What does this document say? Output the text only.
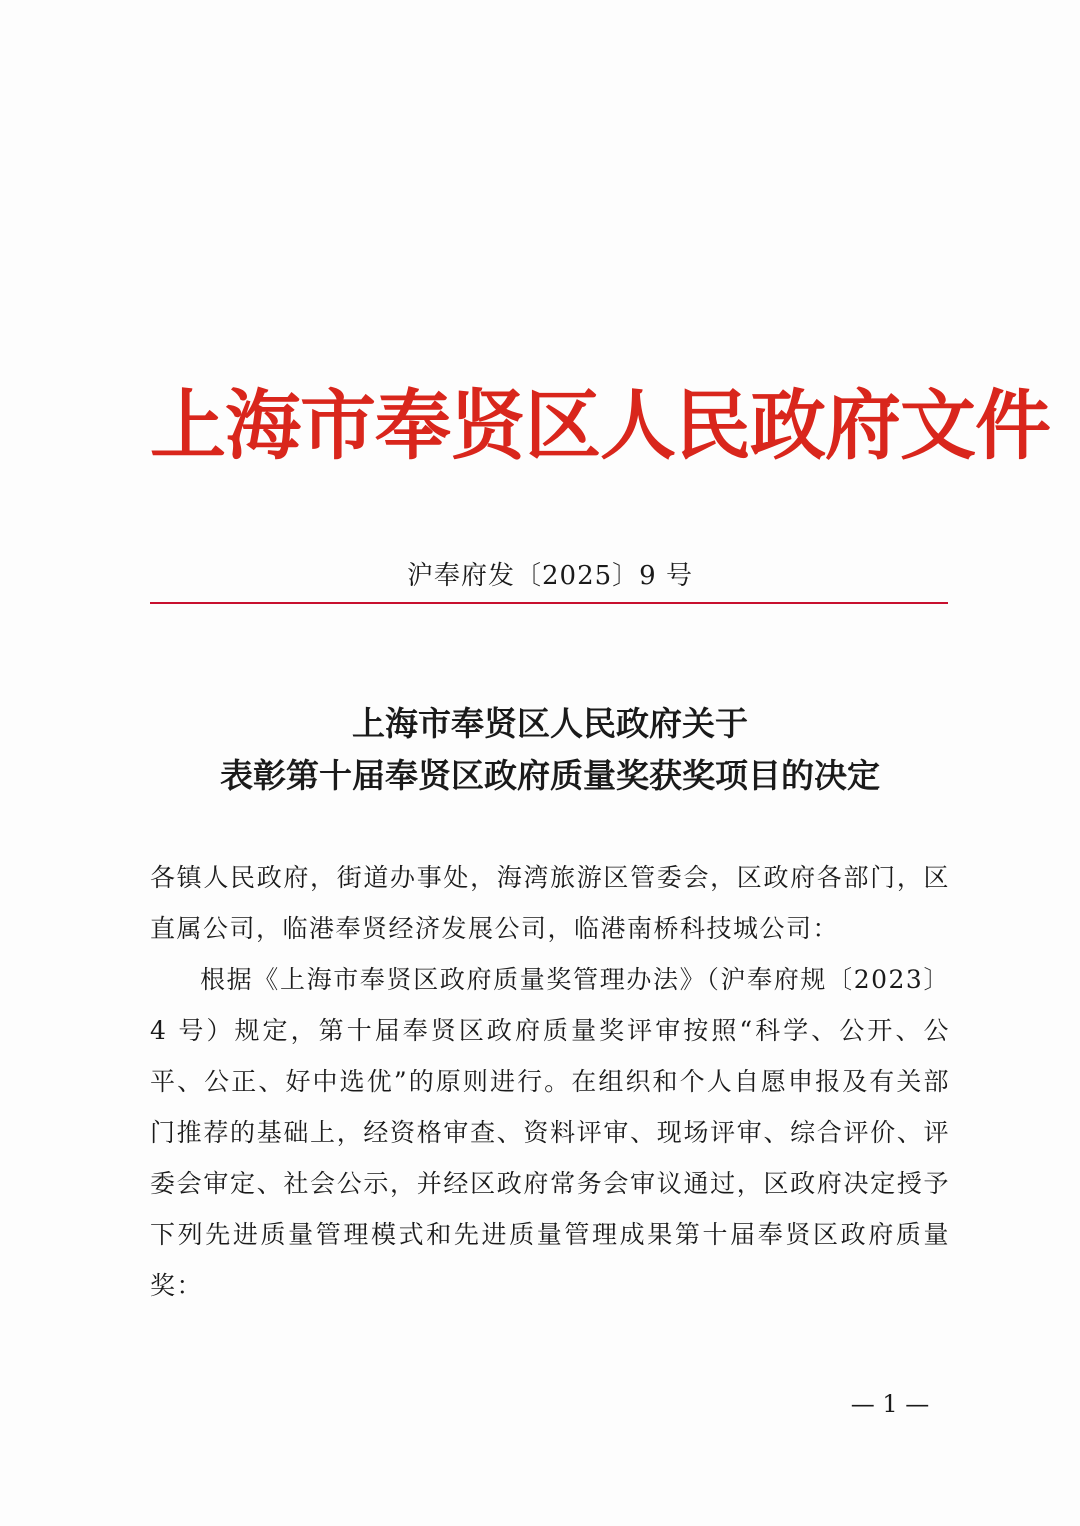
上海市奉贤区人民政府文件
沪奉府发〔2025〕9 号
上海市奉贤区人民政府关于
表彰第十届奉贤区政府质量奖获奖项目的决定

各镇人民政府，街道办事处，海湾旅游区管委会，区政府各部门，区直属公司，临港奉贤经济发展公司，临港南桥科技城公司：

根据《上海市奉贤区政府质量奖管理办法》（沪奉府规〔2023〕4 号）规定，第十届奉贤区政府质量奖评审按照“科学、公开、公平、公正、好中选优”的原则进行。在组织和个人自愿申报及有关部门推荐的基础上，经资格审查、资料评审、现场评审、综合评价、评委会审定、社会公示，并经区政府常务会审议通过，区政府决定授予下列先进质量管理模式和先进质量管理成果第十届奉贤区政府质量奖：

— 1 —
